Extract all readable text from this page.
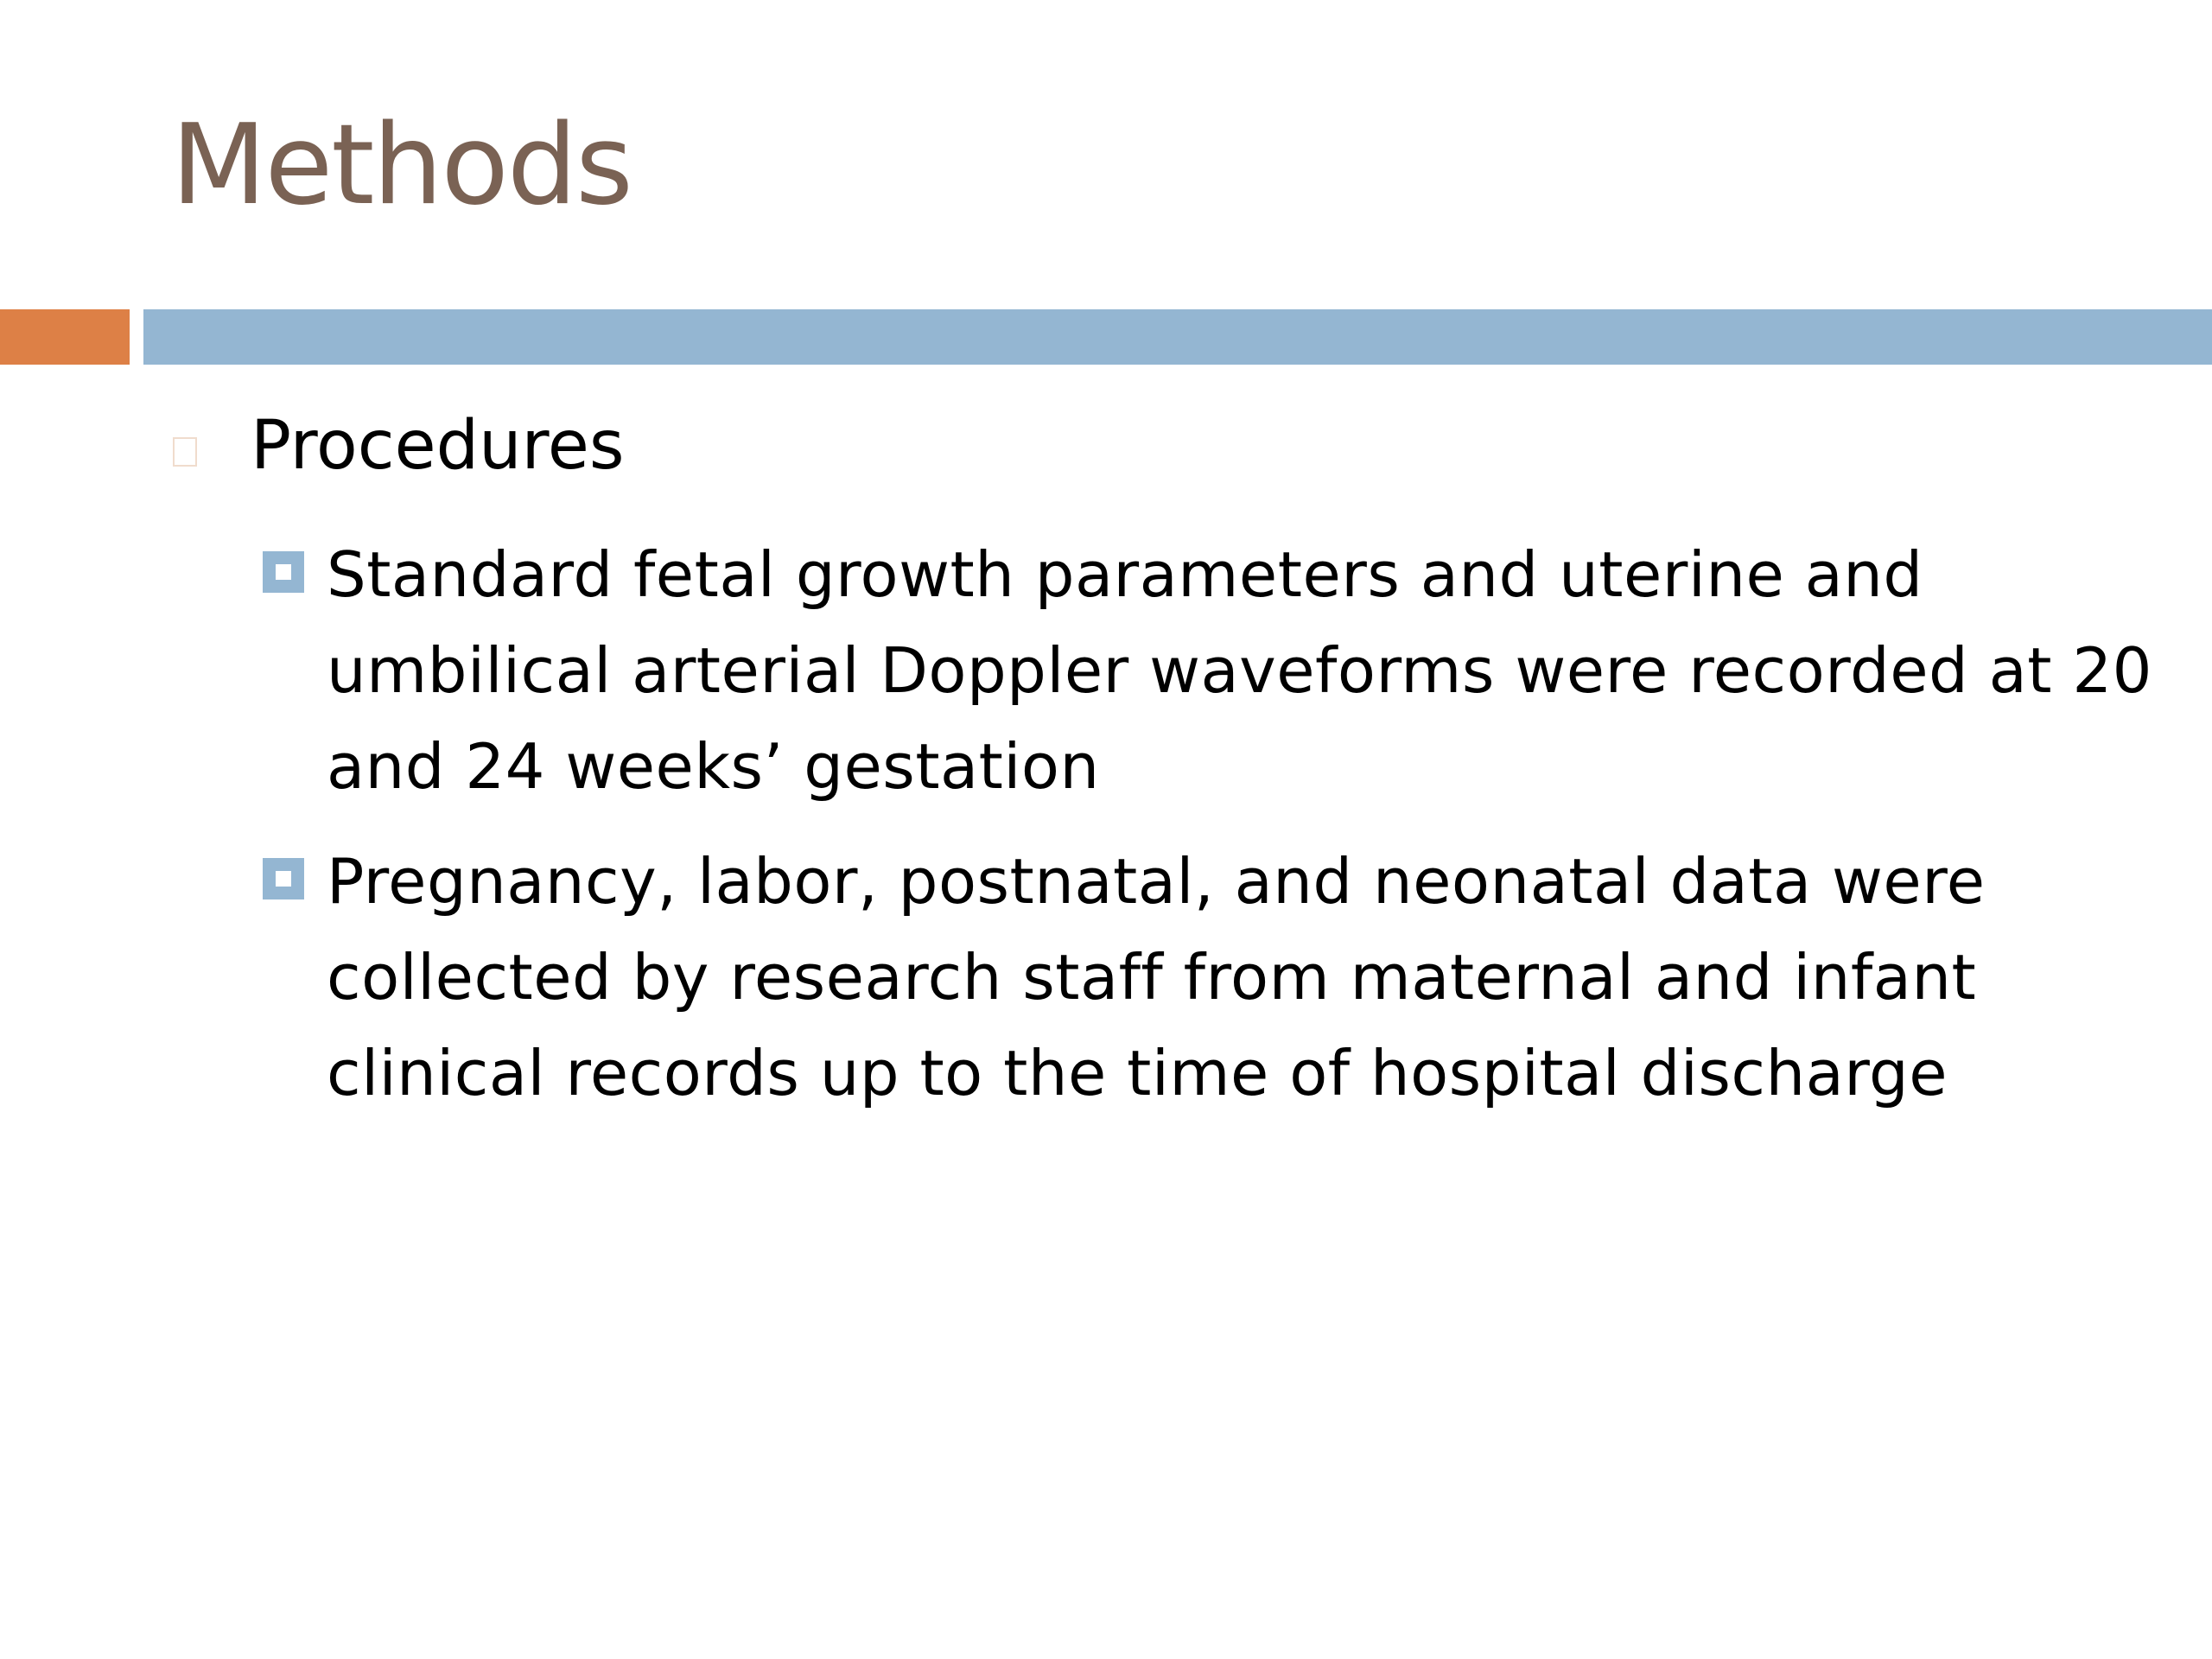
Methods
Procedures
Standard fetal growth parameters and uterine and umbilical arterial Doppler waveforms were recorded at 20 and 24 weeks’ gestation
Pregnancy, labor, postnatal, and neonatal data were collected by research staff from maternal and infant clinical records up to the time of hospital discharge
